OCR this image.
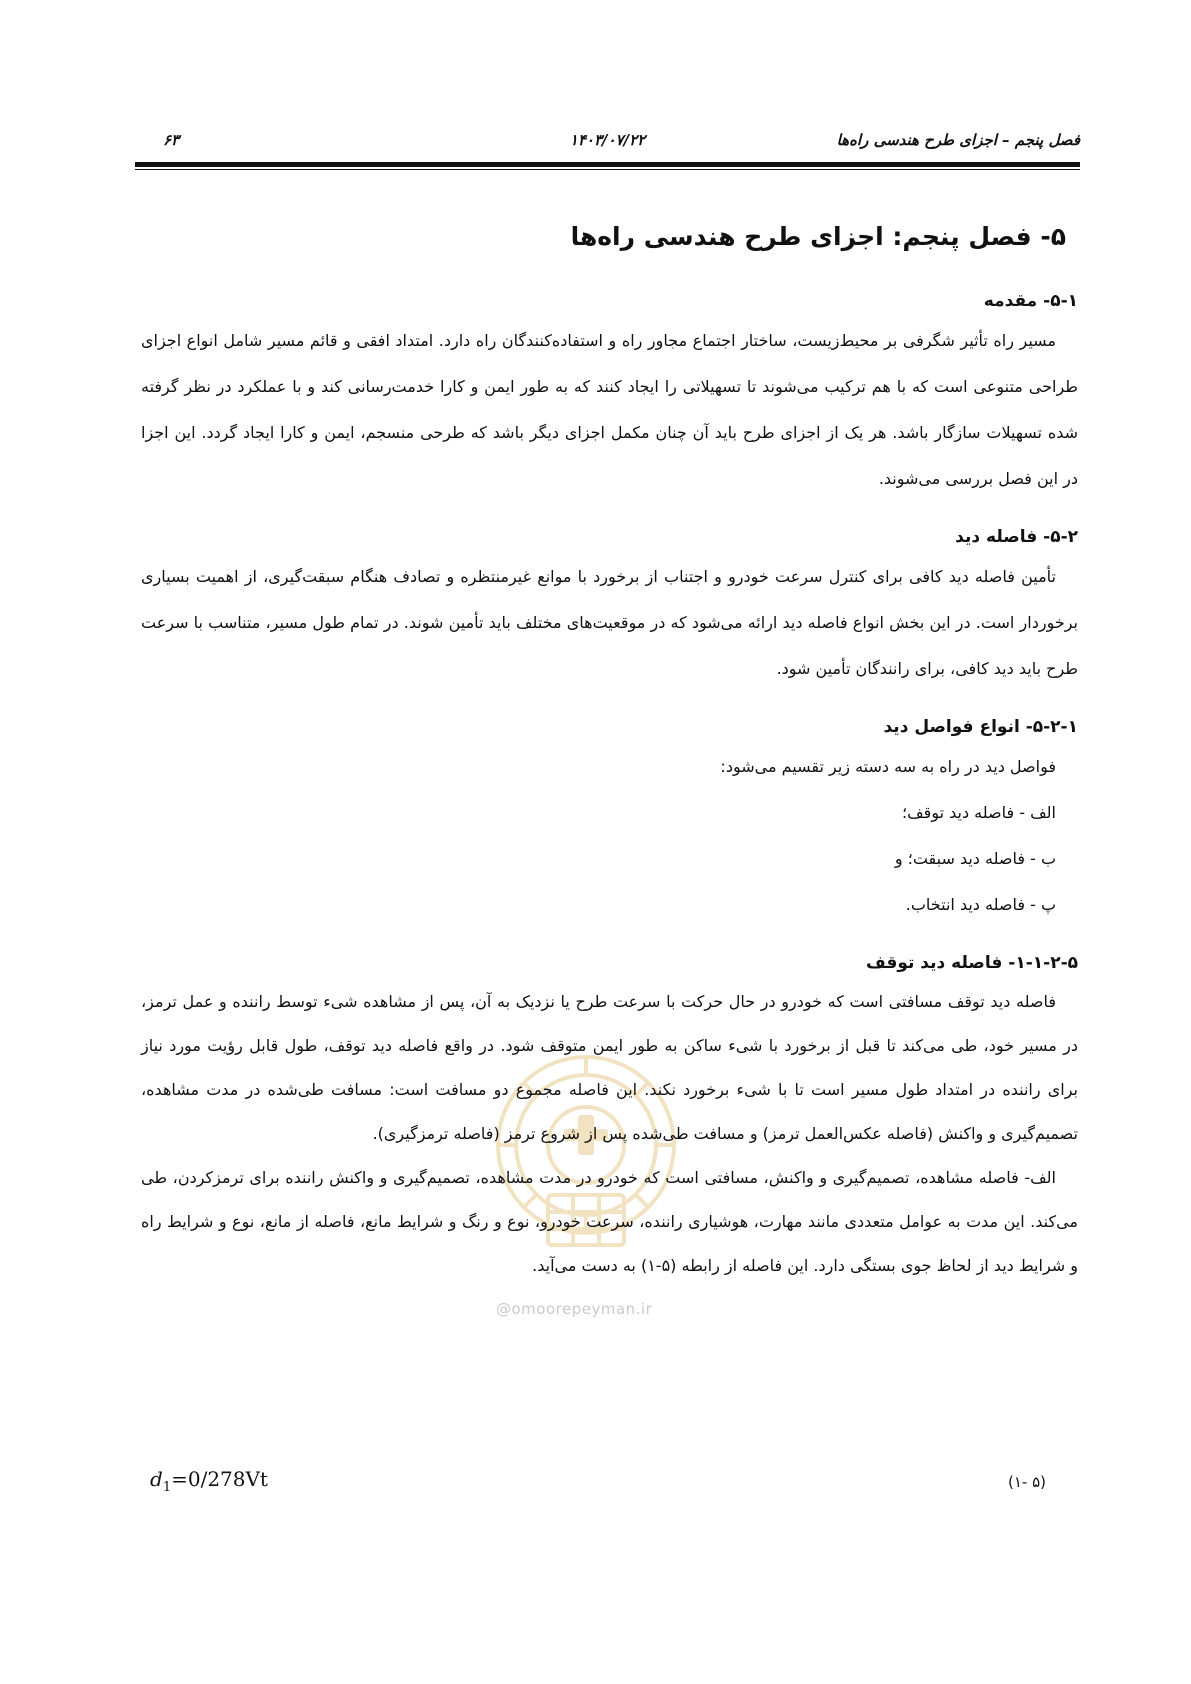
فصل پنجم – اجزای طرح هندسی راه‌ها
۱۴۰۳/۰۷/۲۲
۶۳
@omoorepeyman.ir
۵- فصل پنجم: اجزای طرح هندسی راه‌ها
۵-۱- مقدمه

مسیر راه تأثیر شگرفی بر محیط‌زیست، ساختار اجتماع مجاور راه و استفاده‌کنندگان راه دارد. امتداد افقی و قائم مسیر شامل انواع اجزای طراحی متنوعی است که با هم ترکیب می‌شوند تا تسهیلاتی را ایجاد کنند که به طور ایمن و کارا خدمت‌رسانی کند و با عملکرد در نظر گرفته شده تسهیلات سازگار باشد. هر یک از اجزای طرح باید آن چنان مکمل اجزای دیگر باشد که طرحی منسجم، ایمن و کارا ایجاد گردد. این اجزا در این فصل بررسی می‌شوند.

۵-۲- فاصله دید

تأمین فاصله دید کافی برای کنترل سرعت خودرو و اجتناب از برخورد با موانع غیرمنتظره و تصادف هنگام سبقت‌گیری، از اهمیت بسیاری برخوردار است. در این بخش انواع فاصله دید ارائه می‌شود که در موقعیت‌های مختلف باید تأمین شوند. در تمام طول مسیر، متناسب با سرعت طرح باید دید کافی، برای رانندگان تأمین شود.

۵-۲-۱- انواع فواصل دید
فواصل دید در راه به سه دسته زیر تقسیم می‌شود:
الف - فاصله دید توقف؛
ب - فاصله دید سبقت؛ و
پ - فاصله دید انتخاب.
۱-۱-۲-۵- فاصله دید توقف

فاصله دید توقف مسافتی است که خودرو در حال حرکت با سرعت طرح یا نزدیک به آن، پس از مشاهده شیء توسط راننده و عمل ترمز، در مسیر خود، طی می‌کند تا قبل از برخورد با شیء ساکن به طور ایمن متوقف شود. در واقع فاصله دید توقف، طول قابل رؤیت مورد نیاز برای راننده در امتداد طول مسیر است تا با شیء برخورد نکند. این فاصله مجموع دو مسافت است: مسافت طی‌شده در مدت مشاهده، تصمیم‌گیری و واکنش (فاصله عکس‌العمل ترمز) و مسافت طی‌شده پس از شروع ترمز (فاصله ترمزگیری).

الف- فاصله مشاهده، تصمیم‌گیری و واکنش، مسافتی است که خودرو در مدت مشاهده، تصمیم‌گیری و واکنش راننده برای ترمزکردن، طی می‌کند. این مدت به عوامل متعددی مانند مهارت، هوشیاری راننده، سرعت خودرو، نوع و رنگ و شرایط مانع، فاصله از مانع، نوع و شرایط راه و شرایط دید از لحاظ جوی بستگی دارد. این فاصله از رابطه (۵-۱) به دست می‌آید.

$d_1=0/278Vt$	(۵ -۱)
